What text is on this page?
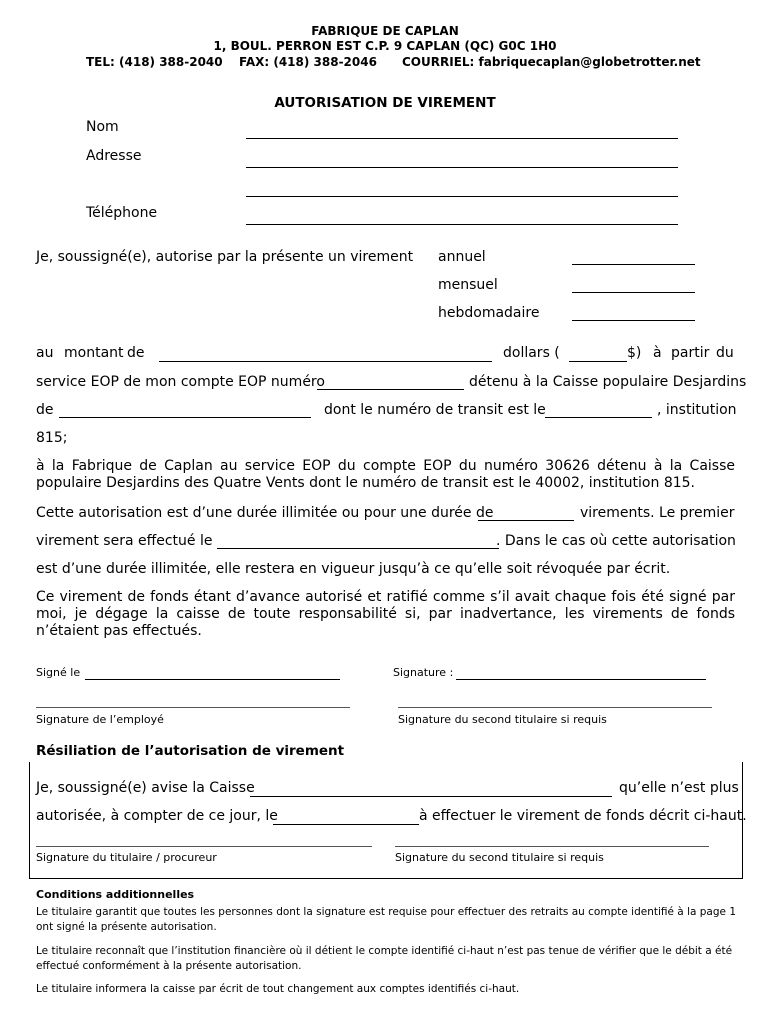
FABRIQUE DE CAPLAN
1, BOUL. PERRON EST C.P. 9 CAPLAN (QC) G0C 1H0
TEL: (418) 388-2040 FAX: (418) 388-2046 COURRIEL: fabriquecaplan@globetrotter.net
AUTORISATION DE VIREMENT
Nom
Adresse
Téléphone
Je, soussigné(e), autorise par la présente un virement annuel
mensuel
hebdomadaire
au montant de	dollars (	$) à partir du
service EOP de mon compte EOP numéro	détenu à la Caisse populaire Desjardins
de	dont le numéro de transit est le	, institution
815;
à la Fabrique de Caplan au service EOP du compte EOP du numéro 30626 détenu à la Caisse populaire Desjardins des Quatre Vents dont le numéro de transit est le 40002, institution 815.
Cette autorisation est d’une durée illimitée ou pour une durée de	virements. Le premier
virement sera effectué le	. Dans le cas où cette autorisation
est d’une durée illimitée, elle restera en vigueur jusqu’à ce qu’elle soit révoquée par écrit.
Ce virement de fonds étant d’avance autorisé et ratifié comme s’il avait chaque fois été signé par moi, je dégage la caisse de toute responsabilité si, par inadvertance, les virements de fonds n’étaient pas effectués.
Signé le	Signature :
Signature de l’employé	Signature du second titulaire si requis
Résiliation de l’autorisation de virement
Je, soussigné(e) avise la Caisse	qu’elle n’est plus
autorisée, à compter de ce jour, le	à effectuer le virement de fonds décrit ci-haut.
Signature du titulaire / procureur	Signature du second titulaire si requis
Conditions additionnelles
Le titulaire garantit que toutes les personnes dont la signature est requise pour effectuer des retraits au compte identifié à la page 1 ont signé la présente autorisation.
Le titulaire reconnaît que l’institution financière où il détient le compte identifié ci-haut n’est pas tenue de vérifier que le débit a été effectué conformément à la présente autorisation.
Le titulaire informera la caisse par écrit de tout changement aux comptes identifiés ci-haut.
